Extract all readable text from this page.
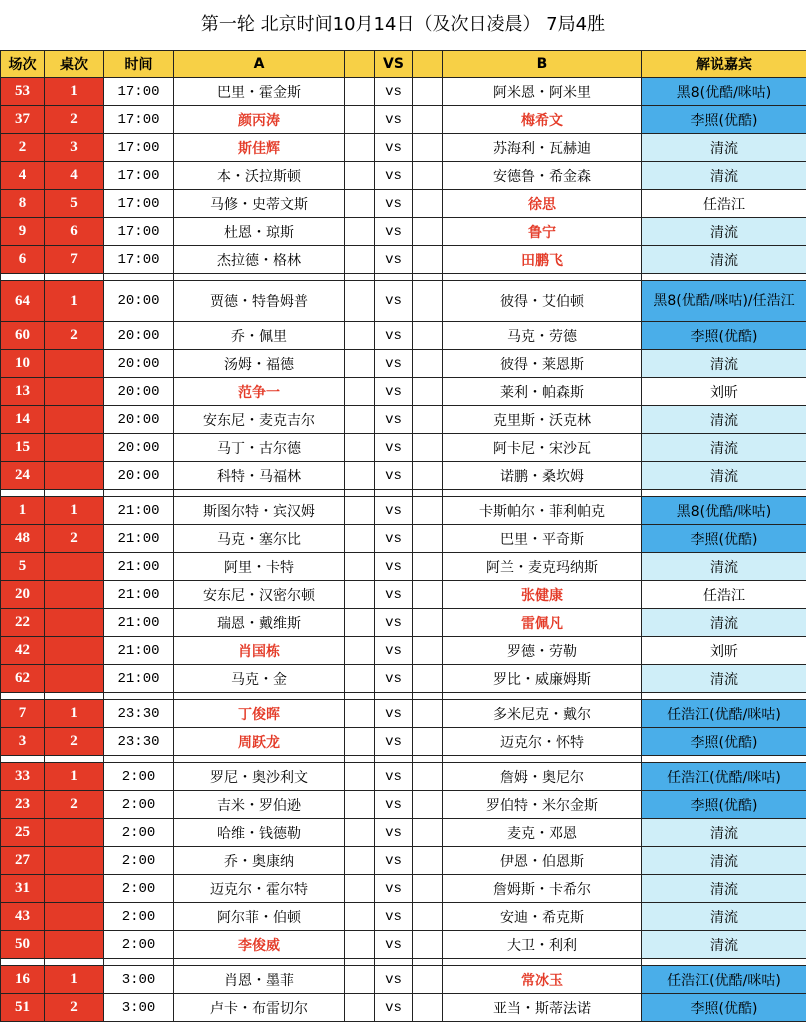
第一轮 北京时间10月14日（及次日凌晨） 7局4胜
场次	桌次	时间	A		VS		B	解说嘉宾
53	1	17:00	巴里・霍金斯		vs		阿米恩・阿米里	黑8(优酷/咪咕)
37	2	17:00	颜丙涛		vs		梅希文	李照(优酷)
2	3	17:00	斯佳辉		vs		苏海利・瓦赫迪	清流
4	4	17:00	本・沃拉斯顿		vs		安德鲁・希金森	清流
8	5	17:00	马修・史蒂文斯		vs		徐思	任浩江
9	6	17:00	杜恩・琼斯		vs		鲁宁	清流
6	7	17:00	杰拉德・格林		vs		田鹏飞	清流

64	1	20:00	贾德・特鲁姆普		vs		彼得・艾伯顿	黑8(优酷/咪咕)/任浩江
60	2	20:00	乔・佩里		vs		马克・劳德	李照(优酷)
10		20:00	汤姆・福德		vs		彼得・莱恩斯	清流
13		20:00	范争一		vs		莱利・帕森斯	刘昕
14		20:00	安东尼・麦克吉尔		vs		克里斯・沃克林	清流
15		20:00	马丁・古尔德		vs		阿卡尼・宋沙瓦	清流
24		20:00	科特・马福林		vs		诺鹏・桑坎姆	清流

1	1	21:00	斯图尔特・宾汉姆		vs		卡斯帕尔・菲利帕克	黑8(优酷/咪咕)
48	2	21:00	马克・塞尔比		vs		巴里・平奇斯	李照(优酷)
5		21:00	阿里・卡特		vs		阿兰・麦克玛纳斯	清流
20		21:00	安东尼・汉密尔顿		vs		张健康	任浩江
22		21:00	瑞恩・戴维斯		vs		雷佩凡	清流
42		21:00	肖国栋		vs		罗德・劳勒	刘昕
62		21:00	马克・金		vs		罗比・威廉姆斯	清流

7	1	23:30	丁俊晖		vs		多米尼克・戴尔	任浩江(优酷/咪咕)
3	2	23:30	周跃龙		vs		迈克尔・怀特	李照(优酷)

33	1	2:00	罗尼・奥沙利文		vs		詹姆・奥尼尔	任浩江(优酷/咪咕)
23	2	2:00	吉米・罗伯逊		vs		罗伯特・米尔金斯	李照(优酷)
25		2:00	哈维・钱德勒		vs		麦克・邓恩	清流
27		2:00	乔・奥康纳		vs		伊恩・伯恩斯	清流
31		2:00	迈克尔・霍尔特		vs		詹姆斯・卡希尔	清流
43		2:00	阿尔菲・伯顿		vs		安迪・希克斯	清流
50		2:00	李俊威		vs		大卫・利利	清流

16	1	3:00	肖恩・墨菲		vs		常冰玉	任浩江(优酷/咪咕)
51	2	3:00	卢卡・布雷切尔		vs		亚当・斯蒂法诺	李照(优酷)
